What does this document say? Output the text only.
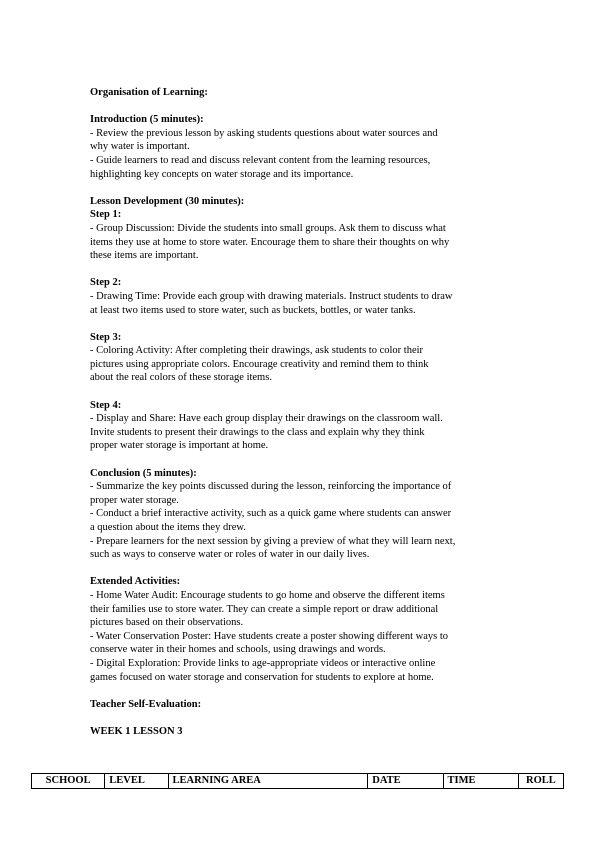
Organisation of Learning:

Introduction (5 minutes):

- Review the previous lesson by asking students questions about water sources and

why water is important.

- Guide learners to read and discuss relevant content from the learning resources,

highlighting key concepts on water storage and its importance.

Lesson Development (30 minutes):

Step 1:

- Group Discussion: Divide the students into small groups. Ask them to discuss what

items they use at home to store water. Encourage them to share their thoughts on why

these items are important.

Step 2:

- Drawing Time: Provide each group with drawing materials. Instruct students to draw

at least two items used to store water, such as buckets, bottles, or water tanks.

Step 3:

- Coloring Activity: After completing their drawings, ask students to color their

pictures using appropriate colors. Encourage creativity and remind them to think

about the real colors of these storage items.

Step 4:

- Display and Share: Have each group display their drawings on the classroom wall.

Invite students to present their drawings to the class and explain why they think

proper water storage is important at home.

Conclusion (5 minutes):

- Summarize the key points discussed during the lesson, reinforcing the importance of

proper water storage.

- Conduct a brief interactive activity, such as a quick game where students can answer

a question about the items they drew.

- Prepare learners for the next session by giving a preview of what they will learn next,

such as ways to conserve water or roles of water in our daily lives.

Extended Activities:

- Home Water Audit: Encourage students to go home and observe the different items

their families use to store water. They can create a simple report or draw additional

pictures based on their observations.

- Water Conservation Poster: Have students create a poster showing different ways to

conserve water in their homes and schools, using drawings and words.

- Digital Exploration: Provide links to age-appropriate videos or interactive online

games focused on water storage and conservation for students to explore at home.

Teacher Self-Evaluation:

WEEK 1 LESSON 3

SCHOOL	LEVEL	LEARNING AREA	DATE	TIME	ROLL
